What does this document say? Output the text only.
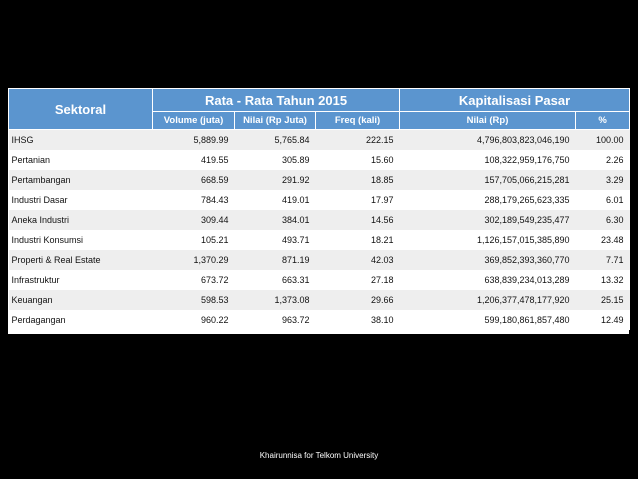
Sektoral	Rata - Rata Tahun 2015			Kapitalisasi Pasar	
	Volume (juta)	Nilai (Rp Juta)	Freq (kali)	Nilai (Rp)	%
IHSG	5,889.99	5,765.84	222.15	4,796,803,823,046,190	100.00
Pertanian	419.55	305.89	15.60	108,322,959,176,750	2.26
Pertambangan	668.59	291.92	18.85	157,705,066,215,281	3.29
Industri Dasar	784.43	419.01	17.97	288,179,265,623,335	6.01
Aneka Industri	309.44	384.01	14.56	302,189,549,235,477	6.30
Industri Konsumsi	105.21	493.71	18.21	1,126,157,015,385,890	23.48
Properti & Real Estate	1,370.29	871.19	42.03	369,852,393,360,770	7.71
Infrastruktur	673.72	663.31	27.18	638,839,234,013,289	13.32
Keuangan	598.53	1,373.08	29.66	1,206,377,478,177,920	25.15
Perdagangan	960.22	963.72	38.10	599,180,861,857,480	12.49
Khairunnisa for Telkom University
